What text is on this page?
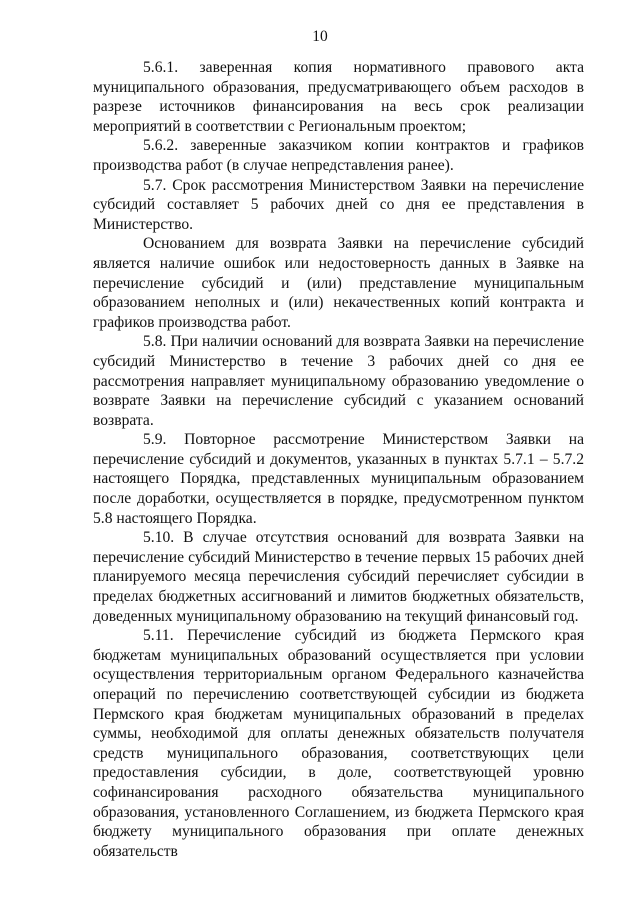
10

5.6.1. заверенная копия нормативного правового акта муниципального образования, предусматривающего объем расходов в разрезе источников финансирования на весь срок реализации мероприятий в соответствии с Региональным проектом;

5.6.2. заверенные заказчиком копии контрактов и графиков производства работ (в случае непредставления ранее).

5.7. Срок рассмотрения Министерством Заявки на перечисление субсидий составляет 5 рабочих дней со дня ее представления в Министерство.

Основанием для возврата Заявки на перечисление субсидий является наличие ошибок или недостоверность данных в Заявке на перечисление субсидий и (или) представление муниципальным образованием неполных и (или) некачественных копий контракта и графиков производства работ.

5.8. При наличии оснований для возврата Заявки на перечисление субсидий Министерство в течение 3 рабочих дней со дня ее рассмотрения направляет муниципальному образованию уведомление о возврате Заявки на перечисление субсидий с указанием оснований возврата.

5.9. Повторное рассмотрение Министерством Заявки на перечисление субсидий и документов, указанных в пунктах 5.7.1 – 5.7.2 настоящего Порядка, представленных муниципальным образованием после доработки, осуществляется в порядке, предусмотренном пунктом 5.8 настоящего Порядка.

5.10. В случае отсутствия оснований для возврата Заявки на перечисление субсидий Министерство в течение первых 15 рабочих дней планируемого месяца перечисления субсидий перечисляет субсидии в пределах бюджетных ассигнований и лимитов бюджетных обязательств, доведенных муниципальному образованию на текущий финансовый год.

5.11. Перечисление субсидий из бюджета Пермского края бюджетам муниципальных образований осуществляется при условии осуществления территориальным органом Федерального казначейства операций по перечислению соответствующей субсидии из бюджета Пермского края бюджетам муниципальных образований в пределах суммы, необходимой для оплаты денежных обязательств получателя средств муниципального образования, соответствующих цели предоставления субсидии, в доле, соответствующей уровню софинансирования расходного обязательства муниципального образования, установленного Соглашением, из бюджета Пермского края бюджету муниципального образования при оплате денежных обязательств
